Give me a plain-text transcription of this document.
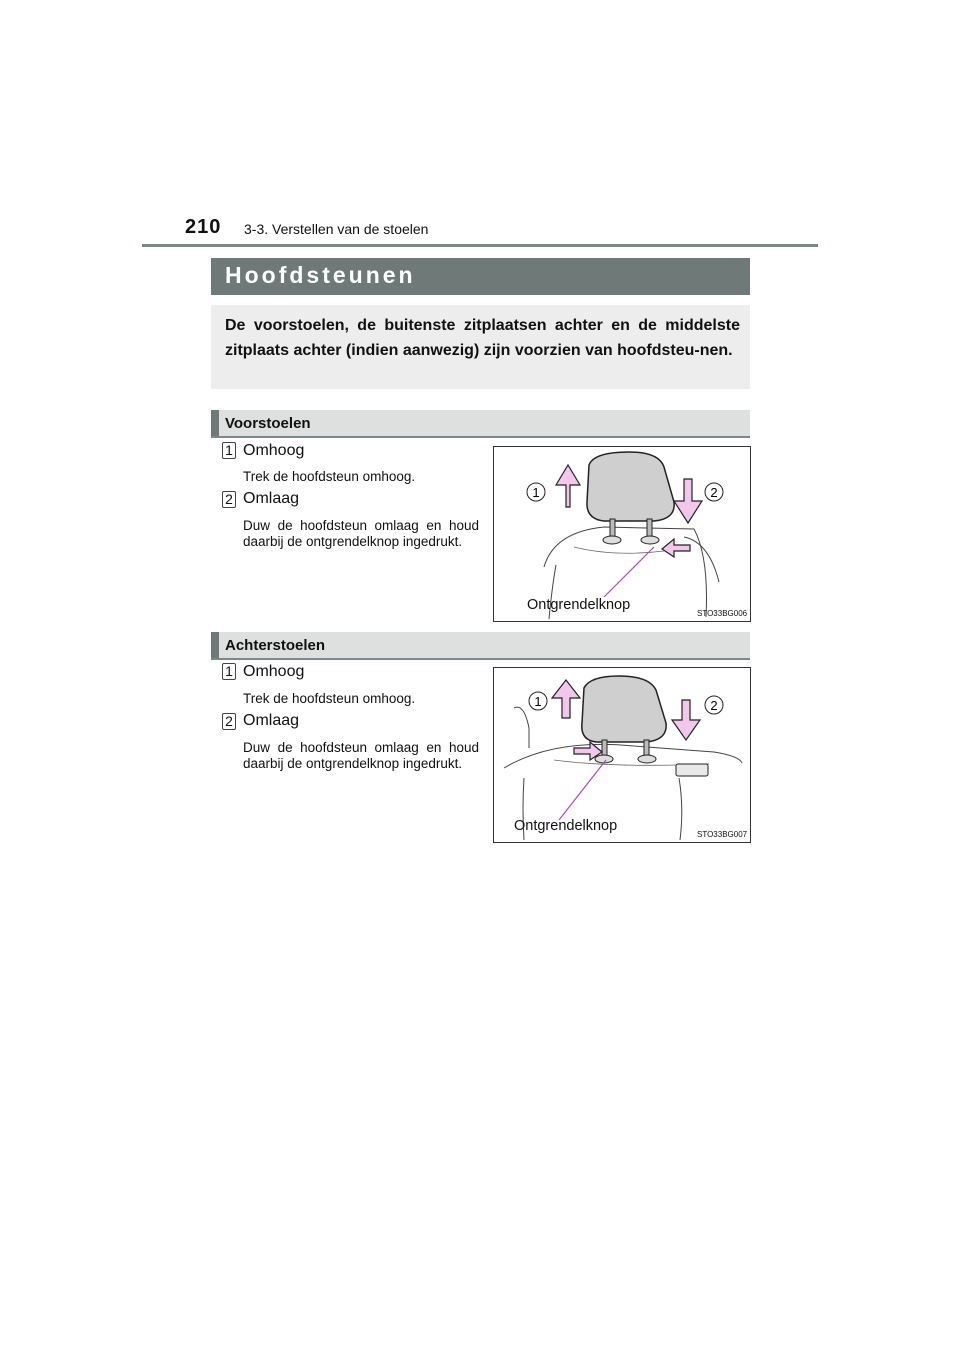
210 3-3. Verstellen van de stoelen
Hoofdsteunen
De voorstoelen, de buitenste zitplaatsen achter en de middelste zitplaats achter (indien aanwezig) zijn voorzien van hoofdsteu-nen.
Voorstoelen
1 Omhoog
Trek de hoofdsteun omhoog.
2 Omlaag
Duw de hoofdsteun omlaag en houd daarbij de ontgrendelknop ingedrukt.
1	2
Ontgrendelknop
STO33BG006
Achterstoelen
1 Omhoog
Trek de hoofdsteun omhoog.
2 Omlaag
Duw de hoofdsteun omlaag en houd daarbij de ontgrendelknop ingedrukt.
1	2
Ontgrendelknop
STO33BG007
